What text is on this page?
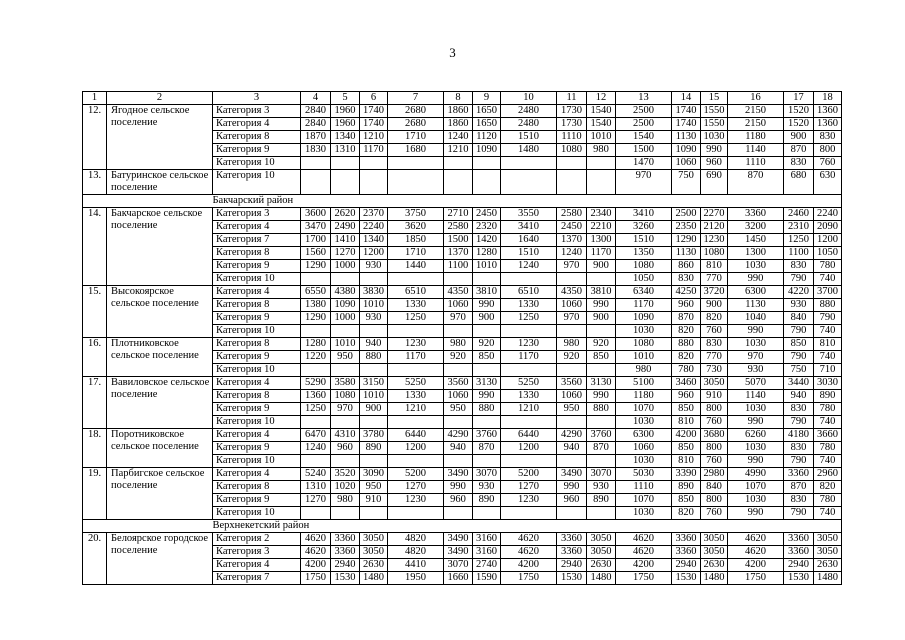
3
1	2	3	4	5	6	7	8	9	10	11	12	13	14	15	16	17	18
12.	Ягодное сельское поселение	Категория 3	2840	1960	1740	2680	1860	1650	2480	1730	1540	2500	1740	1550	2150	1520	1360
		Категория 4	2840	1960	1740	2680	1860	1650	2480	1730	1540	2500	1740	1550	2150	1520	1360
		Категория 8	1870	1340	1210	1710	1240	1120	1510	1110	1010	1540	1130	1030	1180	900	830
		Категория 9	1830	1310	1170	1680	1210	1090	1480	1080	980	1500	1090	990	1140	870	800
		Категория 10										1470	1060	960	1110	830	760
13.	Батуринское сельское поселение	Категория 10										970	750	690	870	680	630
		Бакчарский район															
14.	Бакчарское сельское поселение	Категория 3	3600	2620	2370	3750	2710	2450	3550	2580	2340	3410	2500	2270	3360	2460	2240
		Категория 4	3470	2490	2240	3620	2580	2320	3410	2450	2210	3260	2350	2120	3200	2310	2090
		Категория 7	1700	1410	1340	1850	1500	1420	1640	1370	1300	1510	1290	1230	1450	1250	1200
		Категория 8	1560	1270	1200	1710	1370	1280	1510	1240	1170	1350	1130	1080	1300	1100	1050
		Категория 9	1290	1000	930	1440	1100	1010	1240	970	900	1080	860	810	1030	830	780
		Категория 10										1050	830	770	990	790	740
15.	Высокоярское сельское поселение	Категория 4	6550	4380	3830	6510	4350	3810	6510	4350	3810	6340	4250	3720	6300	4220	3700
		Категория 8	1380	1090	1010	1330	1060	990	1330	1060	990	1170	960	900	1130	930	880
		Категория 9	1290	1000	930	1250	970	900	1250	970	900	1090	870	820	1040	840	790
		Категория 10										1030	820	760	990	790	740
16.	Плотниковское сельское поселение	Категория 8	1280	1010	940	1230	980	920	1230	980	920	1080	880	830	1030	850	810
		Категория 9	1220	950	880	1170	920	850	1170	920	850	1010	820	770	970	790	740
		Категория 10										980	780	730	930	750	710
17.	Вавиловское сельское поселение	Категория 4	5290	3580	3150	5250	3560	3130	5250	3560	3130	5100	3460	3050	5070	3440	3030
		Категория 8	1360	1080	1010	1330	1060	990	1330	1060	990	1180	960	910	1140	940	890
		Категория 9	1250	970	900	1210	950	880	1210	950	880	1070	850	800	1030	830	780
		Категория 10										1030	810	760	990	790	740
18.	Поротниковское сельское поселение	Категория 4	6470	4310	3780	6440	4290	3760	6440	4290	3760	6300	4200	3680	6260	4180	3660
		Категория 9	1240	960	890	1200	940	870	1200	940	870	1060	850	800	1030	830	780
		Категория 10										1030	810	760	990	790	740
19.	Парбигское сельское поселение	Категория 4	5240	3520	3090	5200	3490	3070	5200	3490	3070	5030	3390	2980	4990	3360	2960
		Категория 8	1310	1020	950	1270	990	930	1270	990	930	1110	890	840	1070	870	820
		Категория 9	1270	980	910	1230	960	890	1230	960	890	1070	850	800	1030	830	780
		Категория 10										1030	820	760	990	790	740
		Верхнекетский район															
20.	Белоярское городское поселение	Категория 2	4620	3360	3050	4820	3490	3160	4620	3360	3050	4620	3360	3050	4620	3360	3050
		Категория 3	4620	3360	3050	4820	3490	3160	4620	3360	3050	4620	3360	3050	4620	3360	3050
		Категория 4	4200	2940	2630	4410	3070	2740	4200	2940	2630	4200	2940	2630	4200	2940	2630
		Категория 7	1750	1530	1480	1950	1660	1590	1750	1530	1480	1750	1530	1480	1750	1530	1480
